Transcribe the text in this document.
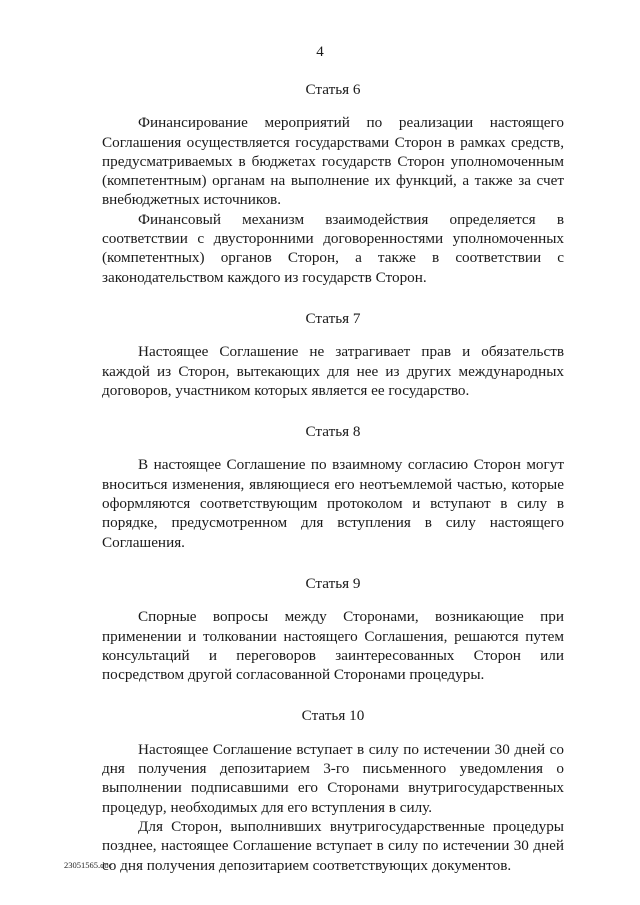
4
Статья 6

Финансирование мероприятий по реализации настоящего Соглашения осуществляется государствами Сторон в рамках средств, предусматриваемых в бюджетах государств Сторон уполномоченным (компетентным) органам на выполнение их функций, а также за счет внебюджетных источников.

Финансовый механизм взаимодействия определяется в соответствии с двусторонними договоренностями уполномоченных (компетентных) органов Сторон, а также в соответствии с законодательством каждого из государств Сторон.

Статья 7

Настоящее Соглашение не затрагивает прав и обязательств каждой из Сторон, вытекающих для нее из других международных договоров, участником которых является ее государство.

Статья 8

В настоящее Соглашение по взаимному согласию Сторон могут вноситься изменения, являющиеся его неотъемлемой частью, которые оформляются соответствующим протоколом и вступают в силу в порядке, предусмотренном для вступления в силу настоящего Соглашения.

Статья 9

Спорные вопросы между Сторонами, возникающие при применении и толковании настоящего Соглашения, решаются путем консультаций и переговоров заинтересованных Сторон или посредством другой согласованной Сторонами процедуры.

Статья 10

Настоящее Соглашение вступает в силу по истечении 30 дней со дня получения депозитарием 3-го письменного уведомления о выполнении подписавшими его Сторонами внутригосударственных процедур, необходимых для его вступления в силу.

Для Сторон, выполнивших внутригосударственные процедуры позднее, настоящее Соглашение вступает в силу по истечении 30 дней со дня получения депозитарием соответствующих документов.

23051565.doc
